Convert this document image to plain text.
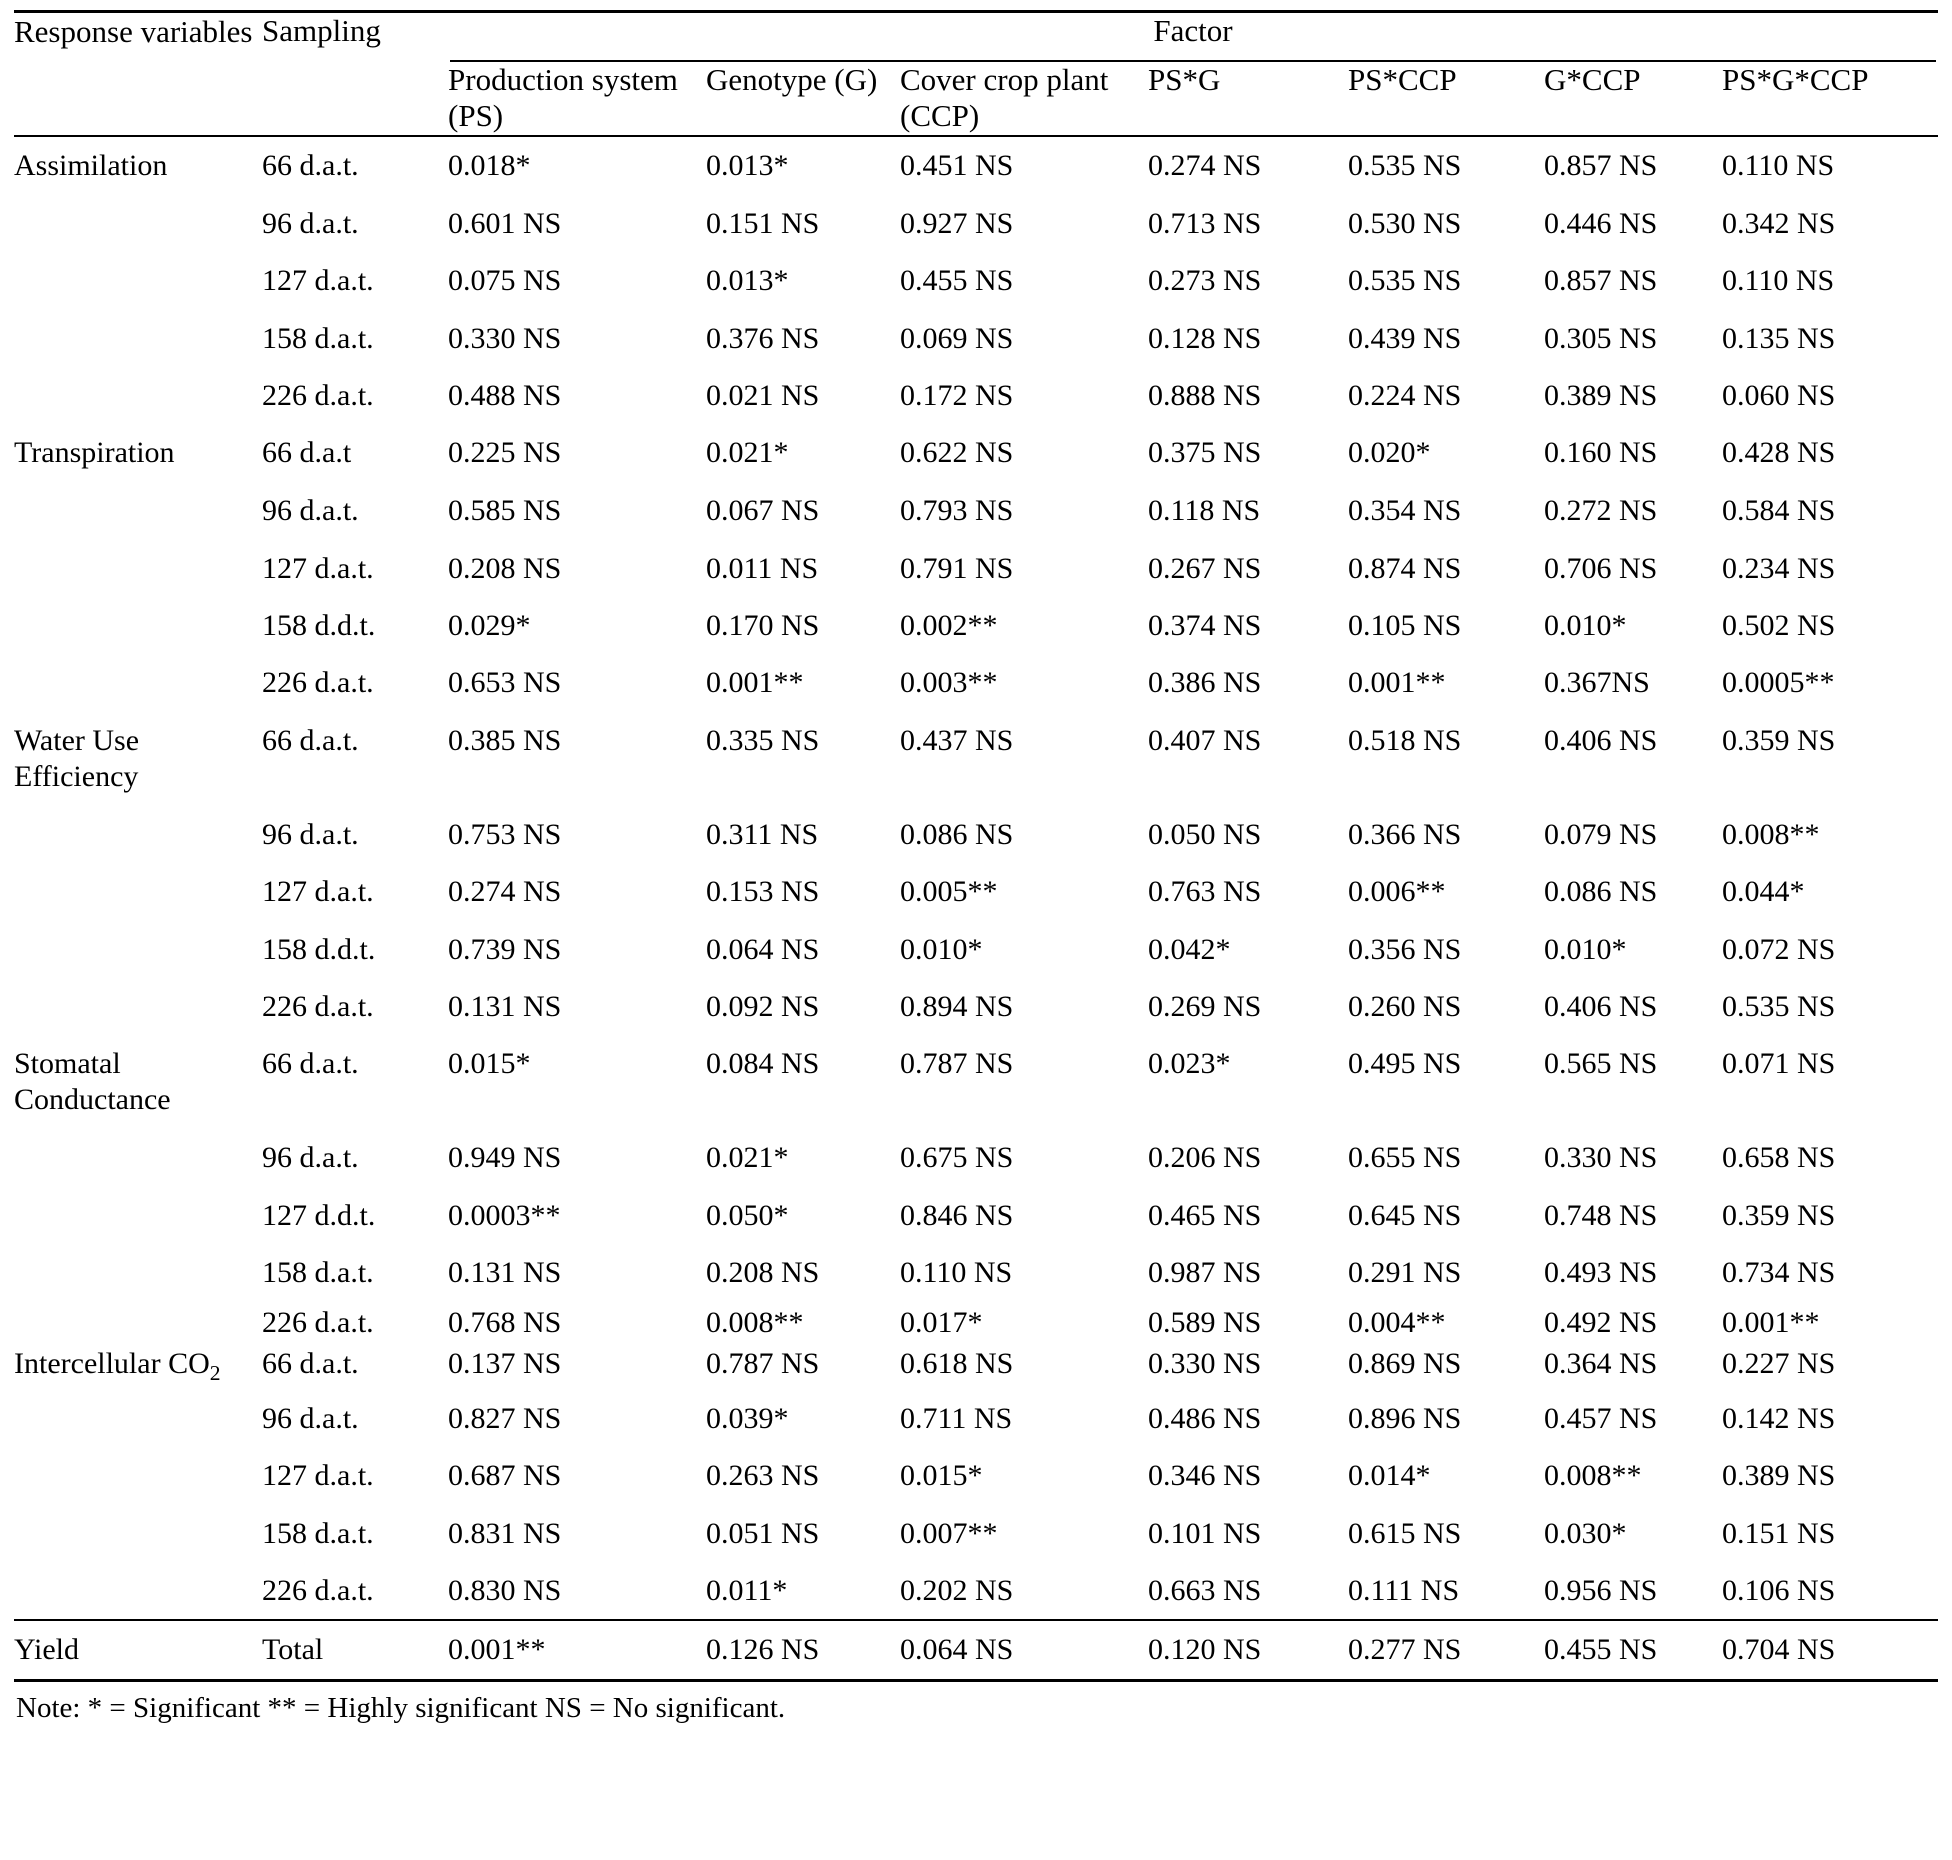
Response variables	Sampling	Factor						

		Production system (PS)	Genotype (G)	Cover crop plant (CCP)	PS*G	PS*CCP	G*CCP	PS*G*CCP
Assimilation	66 d.a.t.	0.018*	0.013*	0.451 NS	0.274 NS	0.535 NS	0.857 NS	0.110 NS
	96 d.a.t.	0.601 NS	0.151 NS	0.927 NS	0.713 NS	0.530 NS	0.446 NS	0.342 NS
	127 d.a.t.	0.075 NS	0.013*	0.455 NS	0.273 NS	0.535 NS	0.857 NS	0.110 NS
	158 d.a.t.	0.330 NS	0.376 NS	0.069 NS	0.128 NS	0.439 NS	0.305 NS	0.135 NS
	226 d.a.t.	0.488 NS	0.021 NS	0.172 NS	0.888 NS	0.224 NS	0.389 NS	0.060 NS
Transpiration	66 d.a.t	0.225 NS	0.021*	0.622 NS	0.375 NS	0.020*	0.160 NS	0.428 NS
	96 d.a.t.	0.585 NS	0.067 NS	0.793 NS	0.118 NS	0.354 NS	0.272 NS	0.584 NS
	127 d.a.t.	0.208 NS	0.011 NS	0.791 NS	0.267 NS	0.874 NS	0.706 NS	0.234 NS
	158 d.d.t.	0.029*	0.170 NS	0.002**	0.374 NS	0.105 NS	0.010*	0.502 NS
	226 d.a.t.	0.653 NS	0.001**	0.003**	0.386 NS	0.001**	0.367NS	0.0005**
Water Use Efficiency	66 d.a.t.	0.385 NS	0.335 NS	0.437 NS	0.407 NS	0.518 NS	0.406 NS	0.359 NS
	96 d.a.t.	0.753 NS	0.311 NS	0.086 NS	0.050 NS	0.366 NS	0.079 NS	0.008**
	127 d.a.t.	0.274 NS	0.153 NS	0.005**	0.763 NS	0.006**	0.086 NS	0.044*
	158 d.d.t.	0.739 NS	0.064 NS	0.010*	0.042*	0.356 NS	0.010*	0.072 NS
	226 d.a.t.	0.131 NS	0.092 NS	0.894 NS	0.269 NS	0.260 NS	0.406 NS	0.535 NS
Stomatal Conductance	66 d.a.t.	0.015*	0.084 NS	0.787 NS	0.023*	0.495 NS	0.565 NS	0.071 NS
	96 d.a.t.	0.949 NS	0.021*	0.675 NS	0.206 NS	0.655 NS	0.330 NS	0.658 NS
	127 d.d.t.	0.0003**	0.050*	0.846 NS	0.465 NS	0.645 NS	0.748 NS	0.359 NS
	158 d.a.t.	0.131 NS	0.208 NS	0.110 NS	0.987 NS	0.291 NS	0.493 NS	0.734 NS
	226 d.a.t.	0.768 NS	0.008**	0.017*	0.589 NS	0.004**	0.492 NS	0.001**
Intercellular $CO_2$	66 d.a.t.	0.137 NS	0.787 NS	0.618 NS	0.330 NS	0.869 NS	0.364 NS	0.227 NS
	96 d.a.t.	0.827 NS	0.039*	0.711 NS	0.486 NS	0.896 NS	0.457 NS	0.142 NS
	127 d.a.t.	0.687 NS	0.263 NS	0.015*	0.346 NS	0.014*	0.008**	0.389 NS
	158 d.a.t.	0.831 NS	0.051 NS	0.007**	0.101 NS	0.615 NS	0.030*	0.151 NS
	226 d.a.t.	0.830 NS	0.011*	0.202 NS	0.663 NS	0.111 NS	0.956 NS	0.106 NS
Yield	Total	0.001**	0.126 NS	0.064 NS	0.120 NS	0.277 NS	0.455 NS	0.704 NS
Note: * = Significant ** = Highly significant NS = No significant.
